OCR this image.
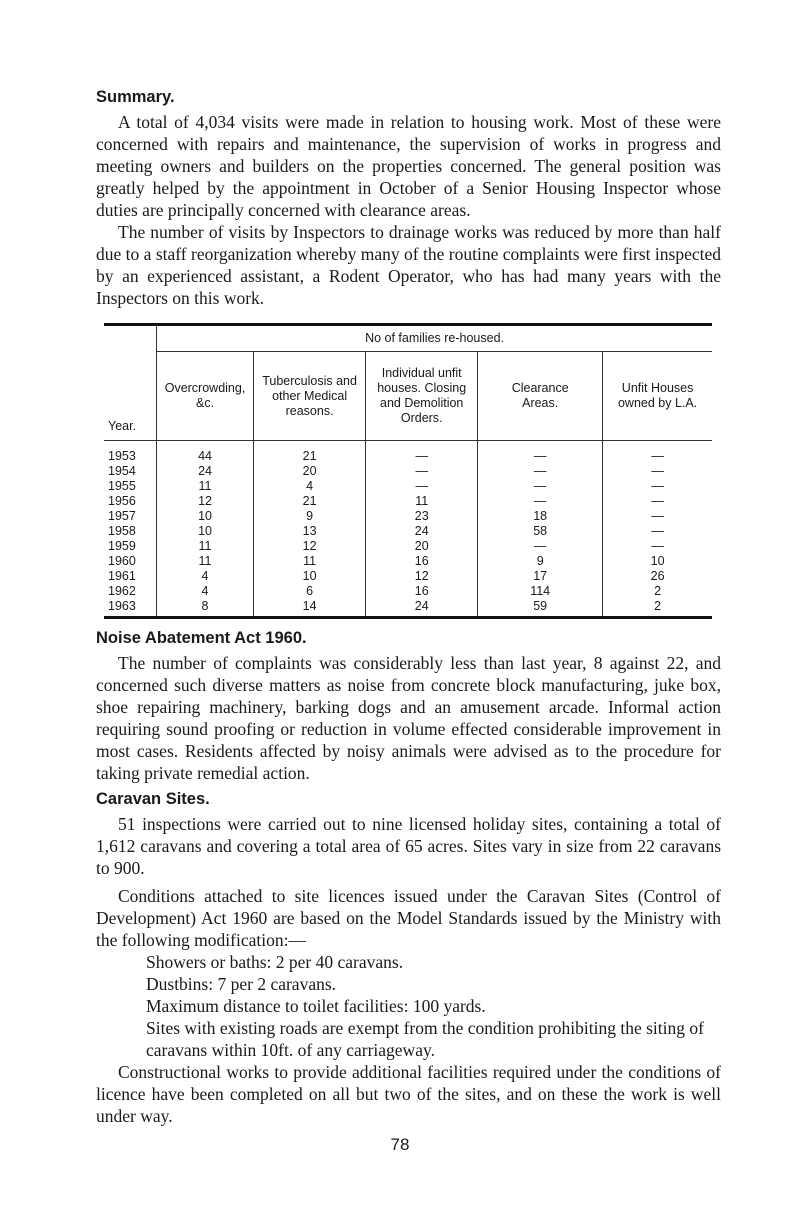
Summary.

A total of 4,034 visits were made in relation to housing work. Most of these were concerned with repairs and maintenance, the supervision of works in progress and meeting owners and builders on the properties concerned. The general position was greatly helped by the appointment in October of a Senior Housing Inspector whose duties are principally concerned with clearance areas.

The number of visits by Inspectors to drainage works was reduced by more than half due to a staff reorganization whereby many of the routine complaints were first inspected by an experienced assistant, a Rodent Operator, who has had many years with the Inspectors on this work.

Year.	No of families re-housed.				
	Overcrowding, &c.	Tuberculosis and other Medical reasons.	Individual unfit houses. Closing and Demolition Orders.	Clearance Areas.	Unfit Houses owned by L.A.
1953	44	21	—	—	—
1954	24	20	—	—	—
1955	11	4	—	—	—
1956	12	21	11	—	—
1957	10	9	23	18	—
1958	10	13	24	58	—
1959	11	12	20	—	—
1960	11	11	16	9	10
1961	4	10	12	17	26
1962	4	6	16	114	2
1963	8	14	24	59	2
Noise Abatement Act 1960.

The number of complaints was considerably less than last year, 8 against 22, and concerned such diverse matters as noise from concrete block manufacturing, juke box, shoe repairing machinery, barking dogs and an amusement arcade. Informal action requiring sound proofing or reduction in volume effected considerable improvement in most cases. Residents affected by noisy animals were advised as to the procedure for taking private remedial action.

Caravan Sites.

51 inspections were carried out to nine licensed holiday sites, containing a total of 1,612 caravans and covering a total area of 65 acres. Sites vary in size from 22 caravans to 900.

Conditions attached to site licences issued under the Caravan Sites (Control of Development) Act 1960 are based on the Model Standards issued by the Ministry with the following modification:—

Showers or baths: 2 per 40 caravans.
Dustbins: 7 per 2 caravans.
Maximum distance to toilet facilities: 100 yards.
Sites with existing roads are exempt from the condition prohibiting the siting of caravans within 10ft. of any carriageway.

Constructional works to provide additional facilities required under the conditions of licence have been completed on all but two of the sites, and on these the work is well under way.

78
